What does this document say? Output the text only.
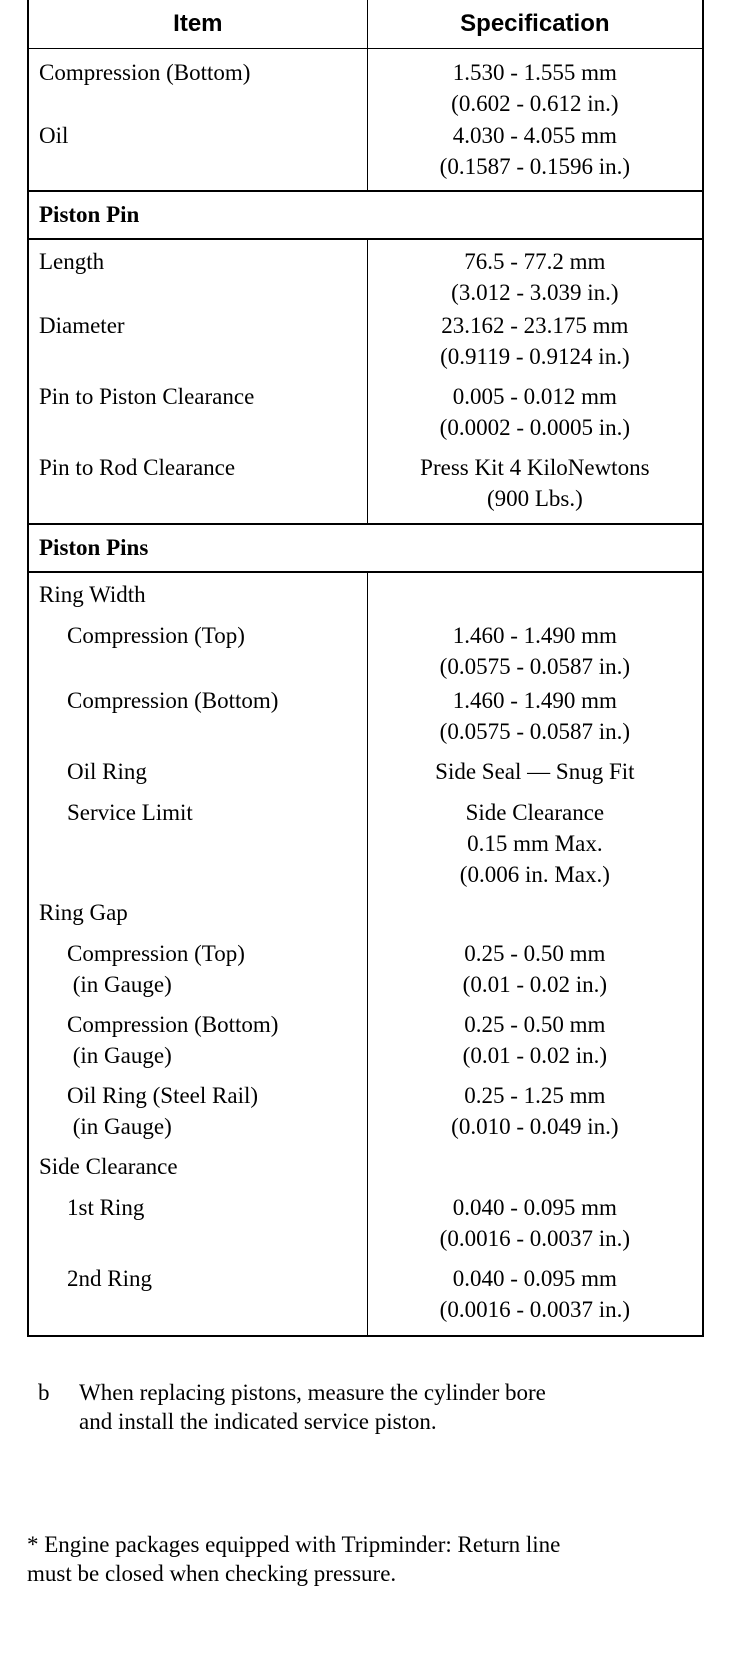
Item	Specification

Compression (Bottom)	1.530 - 1.555 mm
(0.602 - 0.612 in.)

Oil	4.030 - 4.055 mm
(0.1587 - 0.1596 in.)

Piston Pin	

Length	76.5 - 77.2 mm
(3.012 - 3.039 in.)

Diameter	23.162 - 23.175 mm
(0.9119 - 0.9124 in.)

Pin to Piston Clearance	0.005 - 0.012 mm
(0.0002 - 0.0005 in.)

Pin to Rod Clearance	Press Kit 4 KiloNewtons
(900 Lbs.)

Piston Pins	

Ring Width	

Compression (Top)	1.460 - 1.490 mm
(0.0575 - 0.0587 in.)

Compression (Bottom)	1.460 - 1.490 mm
(0.0575 - 0.0587 in.)

Oil Ring	Side Seal — Snug Fit

Service Limit	Side Clearance
0.15 mm Max.
(0.006 in. Max.)

Ring Gap	

Compression (Top)
(in Gauge)	0.25 - 0.50 mm
(0.01 - 0.02 in.)

Compression (Bottom)
(in Gauge)	0.25 - 0.50 mm
(0.01 - 0.02 in.)

Oil Ring (Steel Rail)
(in Gauge)	0.25 - 1.25 mm
(0.010 - 0.049 in.)

Side Clearance	

1st Ring	0.040 - 0.095 mm
(0.0016 - 0.0037 in.)

2nd Ring	0.040 - 0.095 mm
(0.0016 - 0.0037 in.)

b

When replacing pistons, measure the cylinder bore
and install the indicated service piston.

* Engine packages equipped with Tripminder: Return line
must be closed when checking pressure.
